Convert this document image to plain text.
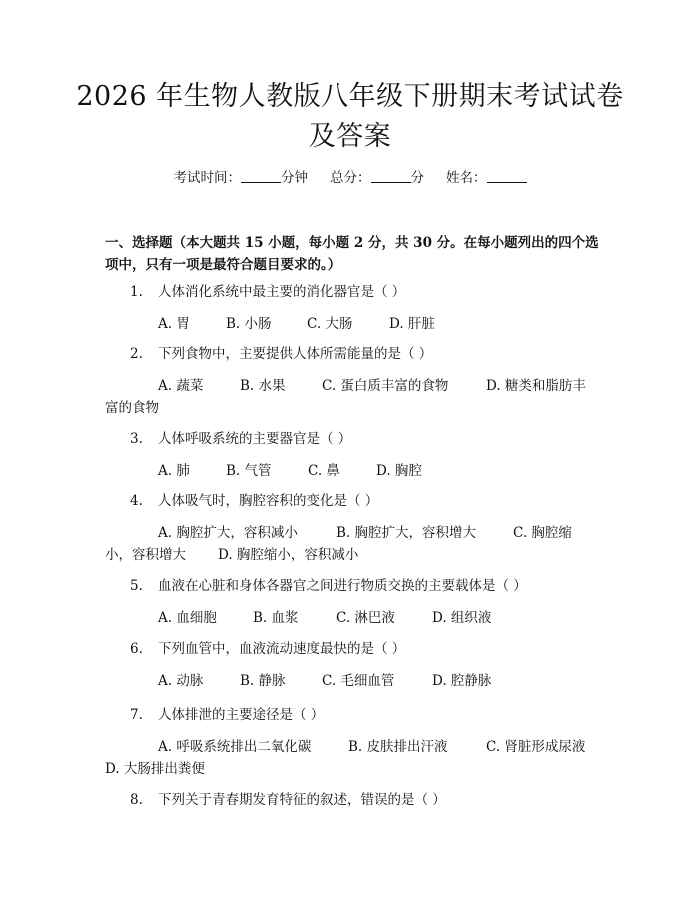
2026 年生物人教版八年级下册期末考试试卷
及答案
考试时间：	分钟 总分：	分 姓名：
一、选择题（本大题共 15 小题，每小题 2 分，共 30 分。在每小题列出的四个选
项中，只有一项是最符合题目要求的。）
1. 人体消化系统中最主要的消化器官是（ ）
A. 胃	B. 小肠	C. 大肠	D. 肝脏
2. 下列食物中，主要提供人体所需能量的是（ ）
A. 蔬菜	B. 水果	C. 蛋白质丰富的食物	D. 糖类和脂肪丰
富的食物
3. 人体呼吸系统的主要器官是（ ）
A. 肺	B. 气管	C. 鼻	D. 胸腔
4. 人体吸气时，胸腔容积的变化是（ ）
A. 胸腔扩大，容积减小	B. 胸腔扩大，容积增大	C. 胸腔缩
小，容积增大 D. 胸腔缩小，容积减小
5. 血液在心脏和身体各器官之间进行物质交换的主要载体是（ ）
A. 血细胞	B. 血浆	C. 淋巴液	D. 组织液
6. 下列血管中，血液流动速度最快的是（ ）
A. 动脉	B. 静脉	C. 毛细血管	D. 腔静脉
7. 人体排泄的主要途径是（ ）
A. 呼吸系统排出二氧化碳	B. 皮肤排出汗液	C. 肾脏形成尿液
D. 大肠排出粪便
8. 下列关于青春期发育特征的叙述，错误的是（ ）
